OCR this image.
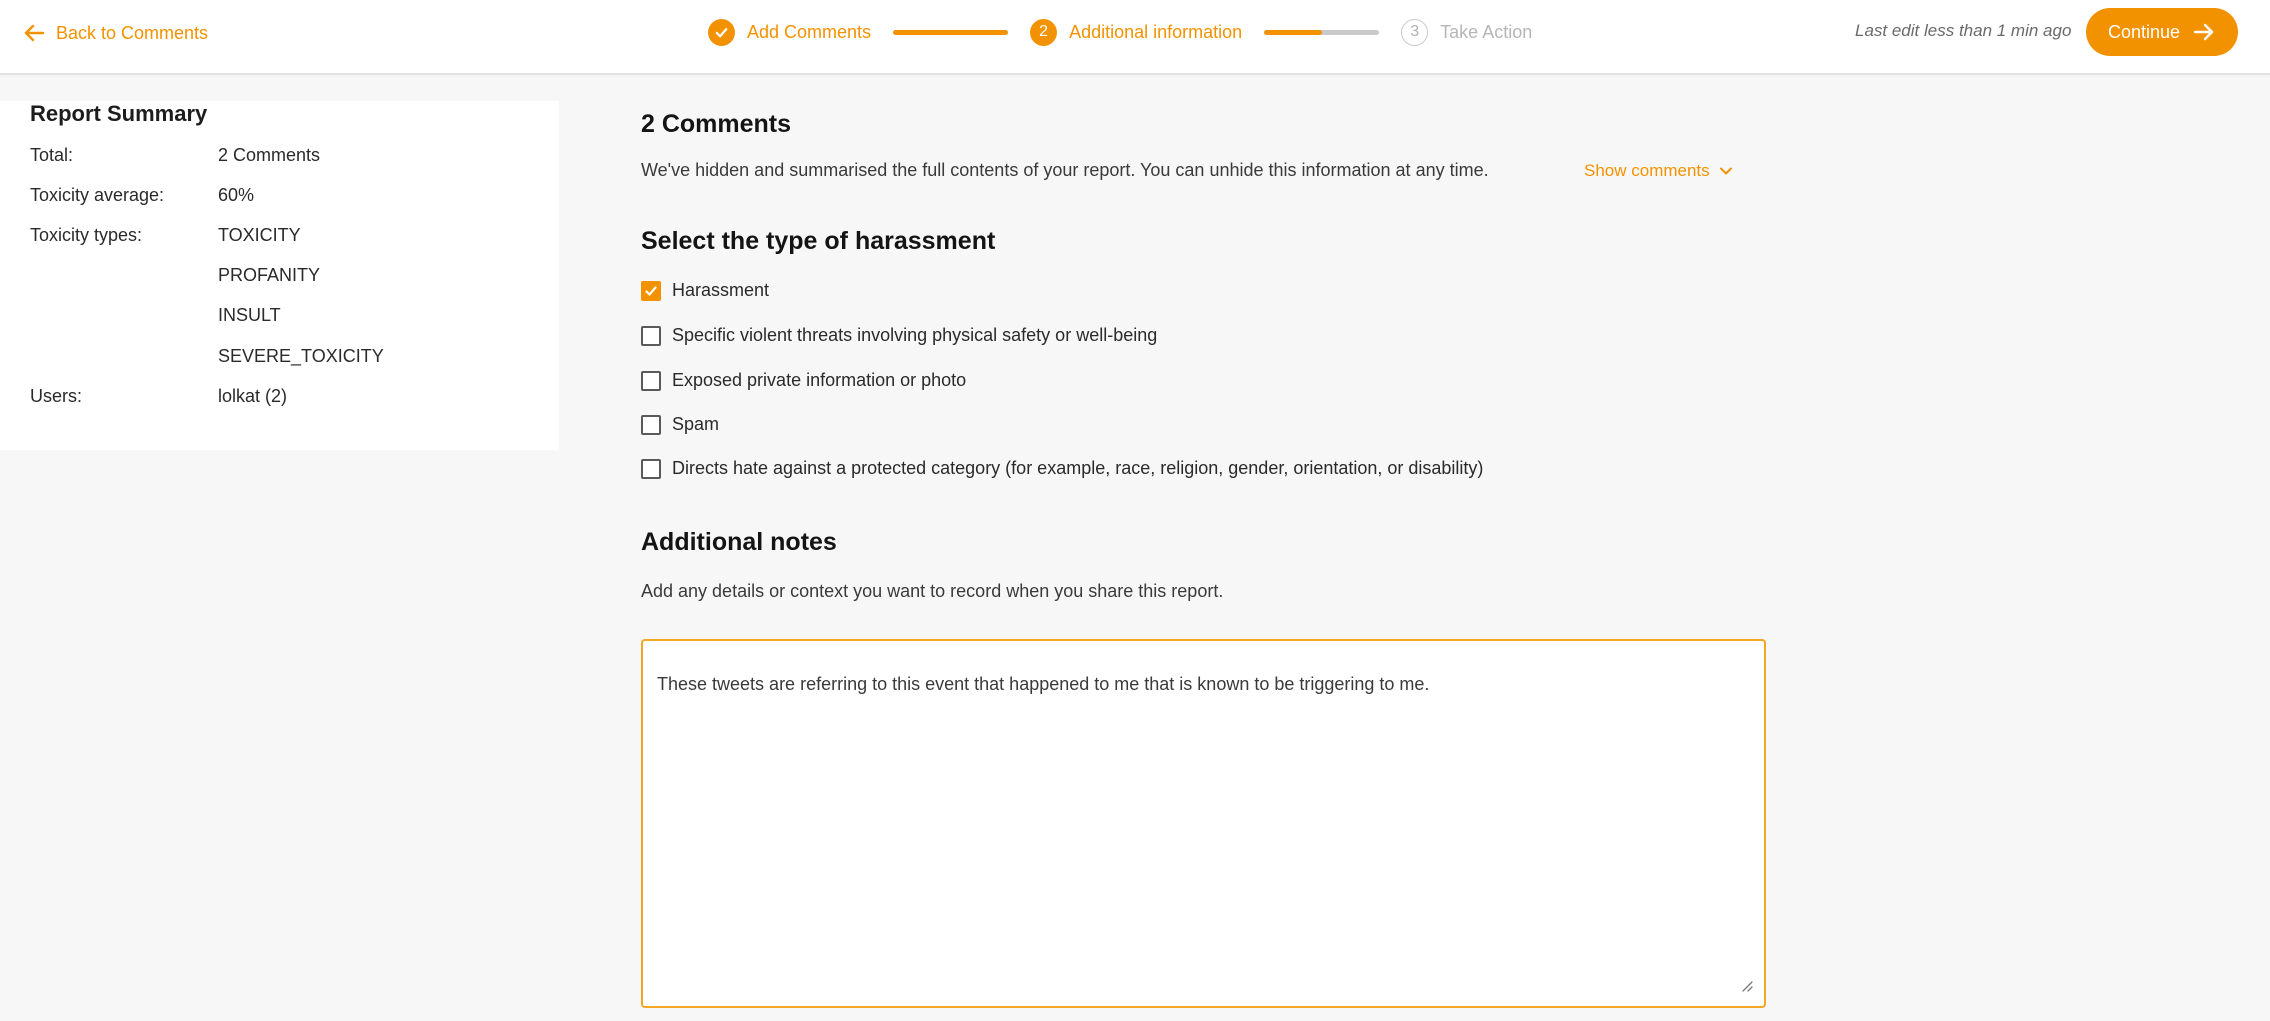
Back to Comments	Add Comments	2	Additional information	3	Take Action	Last edit less than 1 min ago Continue
Report Summary
Total:	2 Comments
Toxicity average:	60%
Toxicity types:	TOXICITY
PROFANITY
INSULT
SEVERE_TOXICITY
Users:	lolkat (2)
2 Comments
We've hidden and summarised the full contents of your report. You can unhide this information at any time.	Show comments
Select the type of harassment
Harassment
Specific violent threats involving physical safety or well-being
Exposed private information or photo
Spam
Directs hate against a protected category (for example, race, religion, gender, orientation, or disability)
Additional notes
Add any details or context you want to record when you share this report.
These tweets are referring to this event that happened to me that is known to be triggering to me.
